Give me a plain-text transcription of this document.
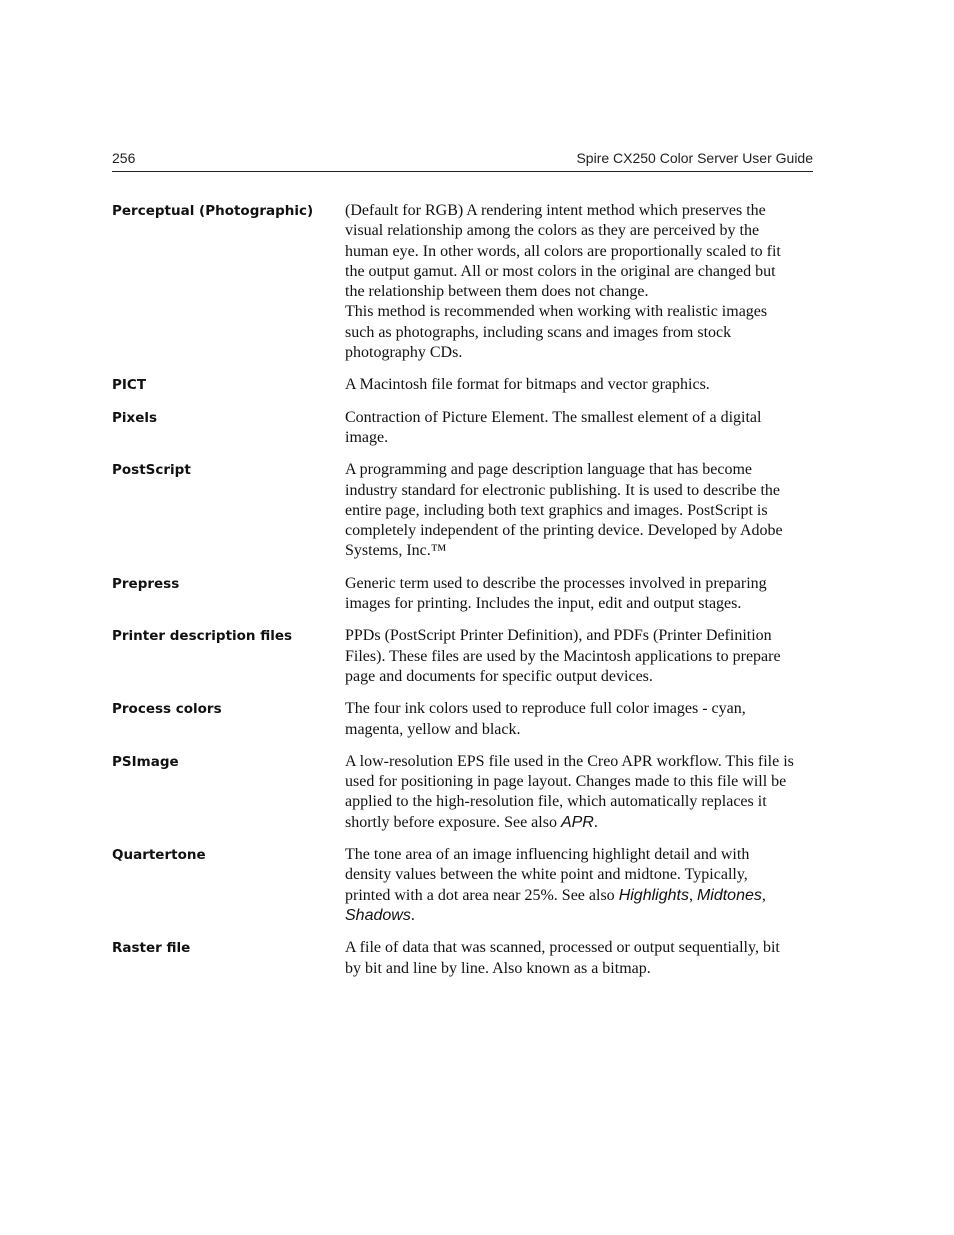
256	Spire CX250 Color Server User Guide
Perceptual (Photographic)	(Default for RGB) A rendering intent method which preserves the
visual relationship among the colors as they are perceived by the
human eye. In other words, all colors are proportionally scaled to fit
the output gamut. All or most colors in the original are changed but
the relationship between them does not change.
This method is recommended when working with realistic images
such as photographs, including scans and images from stock
photography CDs.
PICT	A Macintosh file format for bitmaps and vector graphics.
Pixels	Contraction of Picture Element. The smallest element of a digital
image.
PostScript	A programming and page description language that has become
industry standard for electronic publishing. It is used to describe the
entire page, including both text graphics and images. PostScript is
completely independent of the printing device. Developed by Adobe
Systems, Inc.™
Prepress	Generic term used to describe the processes involved in preparing
images for printing. Includes the input, edit and output stages.
Printer description files	PPDs (PostScript Printer Definition), and PDFs (Printer Definition
Files). These files are used by the Macintosh applications to prepare
page and documents for specific output devices.
Process colors	The four ink colors used to reproduce full color images - cyan,
magenta, yellow and black.
PSImage	A low-resolution EPS file used in the Creo APR workflow. This file is
used for positioning in page layout. Changes made to this file will be
applied to the high-resolution file, which automatically replaces it
shortly before exposure. See also APR.
Quartertone	The tone area of an image influencing highlight detail and with
density values between the white point and midtone. Typically,
printed with a dot area near 25%. See also Highlights, Midtones,
Shadows.
Raster file	A file of data that was scanned, processed or output sequentially, bit
by bit and line by line. Also known as a bitmap.
